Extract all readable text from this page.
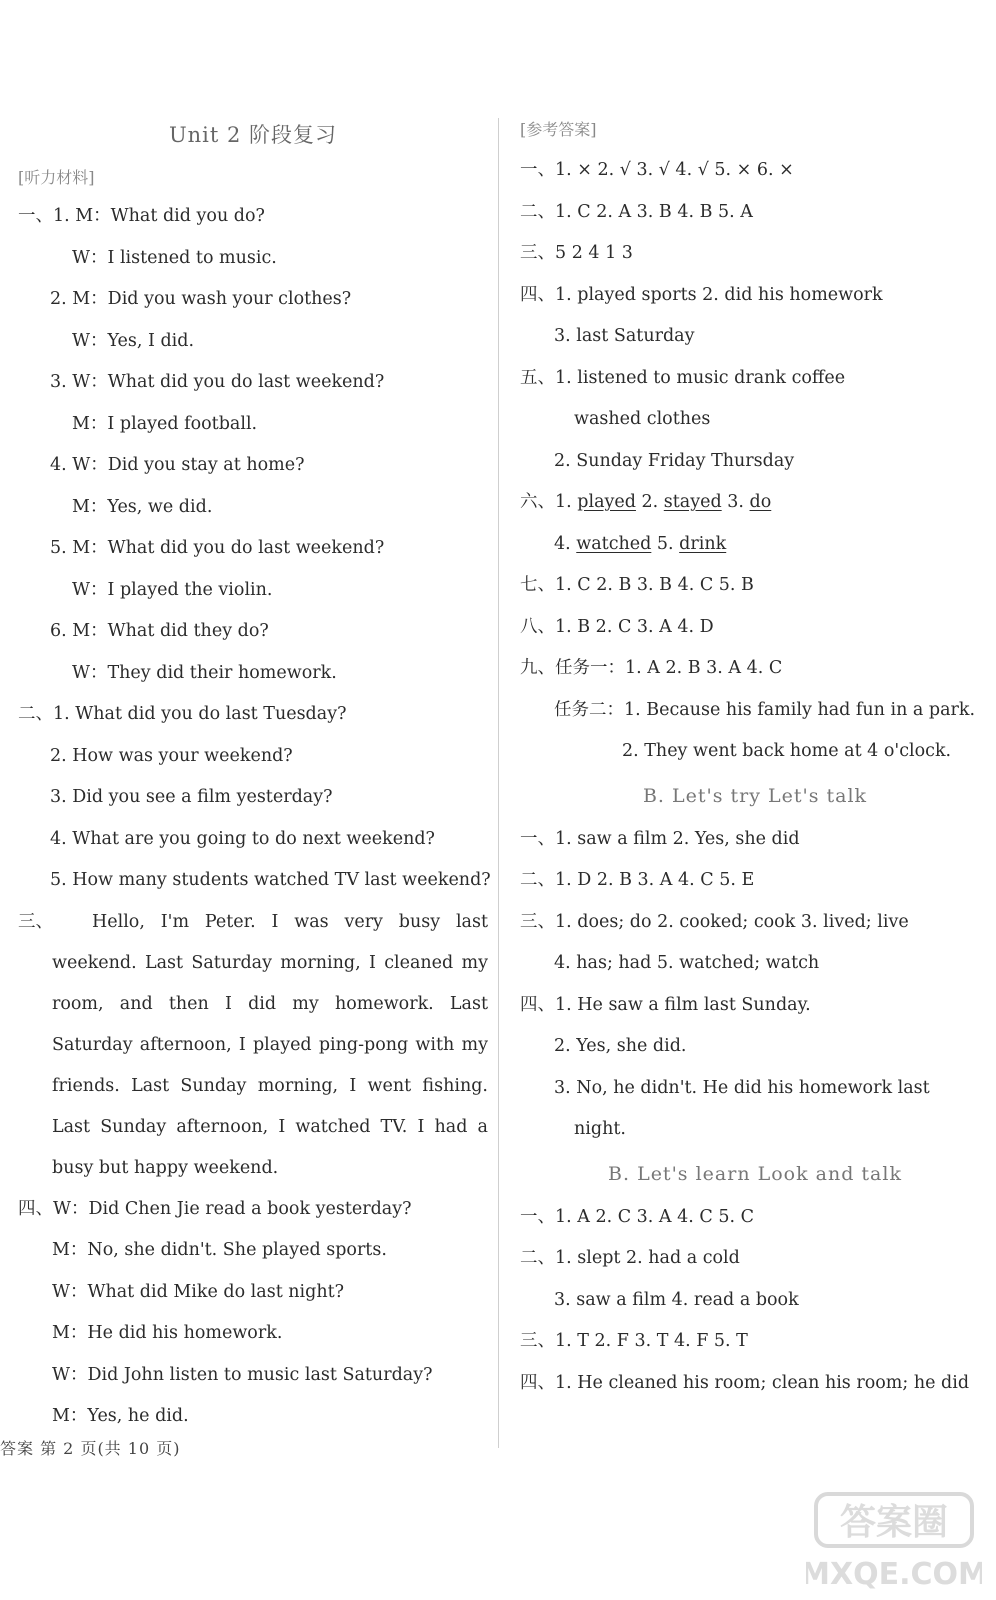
Unit 2 阶段复习
[听力材料]
一、1. M：What did you do?
W：I listened to music.
2. M：Did you wash your clothes?
W：Yes, I did.
3. W：What did you do last weekend?
M：I played football.
4. W：Did you stay at home?
M：Yes, we did.
5. M：What did you do last weekend?
W：I played the violin.
6. M：What did they do?
W：They did their homework.
二、1. What did you do last Tuesday?
2. How was your weekend?
3. Did you see a film yesterday?
4. What are you going to do next weekend?
5. How many students watched TV last weekend?
三、	Hello, I'm Peter. I was very busy last weekend. Last Saturday morning, I cleaned my room, and then I did my homework. Last Saturday afternoon, I played ping-pong with my friends. Last Sunday morning, I went fishing. Last Sunday afternoon, I watched TV. I had a busy but happy weekend.
四、W：Did Chen Jie read a book yesterday?
M：No, she didn't. She played sports.
W：What did Mike do last night?
M：He did his homework.
W：Did John listen to music last Saturday?
M：Yes, he did.
[参考答案]
一、1. × 2. √ 3. √ 4. √ 5. × 6. ×
二、1. C 2. A 3. B 4. B 5. A
三、5 2 4 1 3
四、1. played sports 2. did his homework
3. last Saturday
五、1. listened to music drank coffee
washed clothes
2. Sunday Friday Thursday
六、1. played 2. stayed 3. do
4. watched 5. drink
七、1. C 2. B 3. B 4. C 5. B
八、1. B 2. C 3. A 4. D
九、任务一：1. A 2. B 3. A 4. C
任务二：1. Because his family had fun in a park.
2. They went back home at 4 o'clock.
B. Let's try Let's talk
一、1. saw a film 2. Yes, she did
二、1. D 2. B 3. A 4. C 5. E
三、1. does; do 2. cooked; cook 3. lived; live
4. has; had 5. watched; watch
四、1. He saw a film last Sunday.
2. Yes, she did.
3. No, he didn't. He did his homework last
night.
B. Let's learn Look and talk
一、1. A 2. C 3. A 4. C 5. C
二、1. slept 2. had a cold
3. saw a film 4. read a book
三、1. T 2. F 3. T 4. F 5. T
四、1. He cleaned his room; clean his room; he did
答案 第 2 页(共 10 页)
答案圈
MXQE.COM
